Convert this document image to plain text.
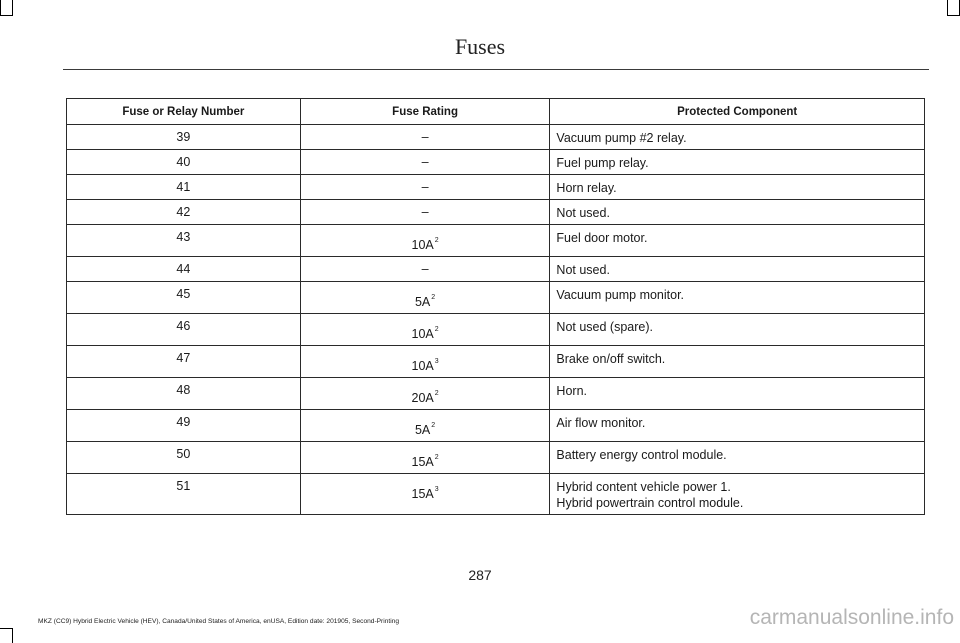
Fuses
Fuse or Relay Number	Fuse Rating	Protected Component
39	–	Vacuum pump #2 relay.

40	–	Fuel pump relay.

41	–	Horn relay.

42	–	Not used.

43	10A$^2$	Fuel door motor.

44	–	Not used.

45	5A$^2$	Vacuum pump monitor.

46	10A$^2$	Not used (spare).

47	10A$^3$	Brake on/off switch.

48	20A$^2$	Horn.

49	5A$^2$	Air flow monitor.

50	15A$^2$	Battery energy control module.

51	15A$^3$	Hybrid content vehicle power 1.
Hybrid powertrain control module.
287
MKZ (CC9) Hybrid Electric Vehicle (HEV), Canada/United States of America, enUSA, Edition date: 201905, Second-Printing	carmanualsonline.info
